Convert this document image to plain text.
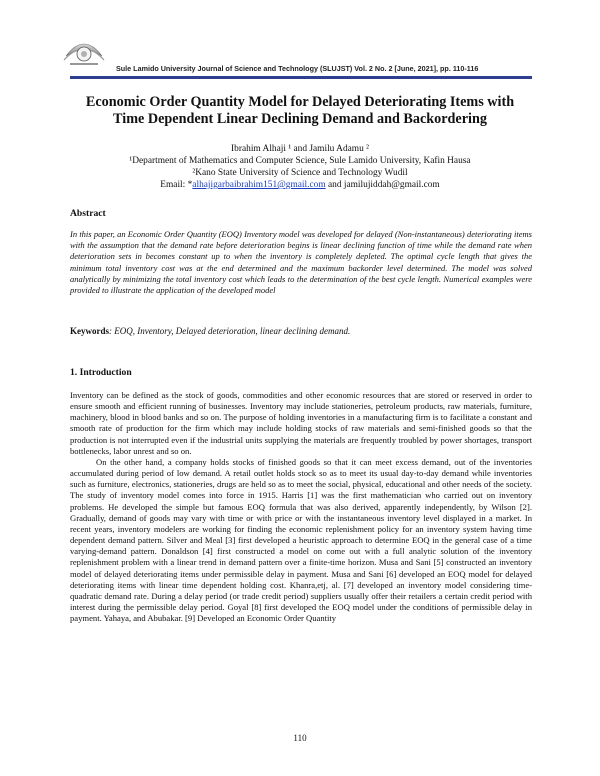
Sule Lamido University Journal of Science and Technology (SLUJST) Vol. 2 No. 2 [June, 2021], pp. 110-116
Economic Order Quantity Model for Delayed Deteriorating Items with
Time Dependent Linear Declining Demand and Backordering
Ibrahim Alhaji ¹ and Jamilu Adamu ²
¹Department of Mathematics and Computer Science, Sule Lamido University, Kafin Hausa
²Kano State University of Science and Technology Wudil
Email: *alhajigarbaibrahim151@gmail.com and jamilujiddah@gmail.com
Abstract
In this paper, an Economic Order Quantity (EOQ) Inventory model was developed for delayed (Non-instantaneous) deteriorating items with the assumption that the demand rate before deterioration begins is linear declining function of time while the demand rate when deterioration sets in becomes constant up to when the inventory is completely depleted. The optimal cycle length that gives the minimum total inventory cost was at the end determined and the maximum backorder level determined. The model was solved analytically by minimizing the total inventory cost which leads to the determination of the best cycle length. Numerical examples were provided to illustrate the application of the developed model
Keywords: EOQ, Inventory, Delayed deterioration, linear declining demand.
1. Introduction

Inventory can be defined as the stock of goods, commodities and other economic resources that are stored or reserved in order to ensure smooth and efficient running of businesses. Inventory may include stationeries, petroleum products, raw materials, furniture, machinery, blood in blood banks and so on. The purpose of holding inventories in a manufacturing firm is to facilitate a constant and smooth rate of production for the firm which may include holding stocks of raw materials and semi-finished goods so that the production is not interrupted even if the industrial units supplying the materials are frequently troubled by power shortages, transport bottlenecks, labor unrest and so on.

On the other hand, a company holds stocks of finished goods so that it can meet excess demand, out of the inventories accumulated during period of low demand. A retail outlet holds stock so as to meet its usual day-to-day demand while inventories such as furniture, electronics, stationeries, drugs are held so as to meet the social, physical, educational and other needs of the society. The study of inventory model comes into force in 1915. Harris [1] was the first mathematician who carried out on inventory problems. He developed the simple but famous EOQ formula that was also derived, apparently independently, by Wilson [2]. Gradually, demand of goods may vary with time or with price or with the instantaneous inventory level displayed in a market. In recent years, inventory modelers are working for finding the economic replenishment policy for an inventory system having time dependent demand pattern. Silver and Meal [3] first developed a heuristic approach to determine EOQ in the general case of a time varying-demand pattern. Donaldson [4] first constructed a model on come out with a full analytic solution of the inventory replenishment problem with a linear trend in demand pattern over a finite-time horizon. Musa and Sani [5] constructed an inventory model of delayed deteriorating items under permissible delay in payment. Musa and Sani [6] developed an EOQ model for delayed deteriorating items with linear time dependent holding cost. Khanra,etj, al. [7] developed an inventory model considering time-quadratic demand rate. During a delay period (or trade credit period) suppliers usually offer their retailers a certain credit period with interest during the permissible delay period. Goyal [8] first developed the EOQ model under the conditions of permissible delay in payment. Yahaya, and Abubakar. [9] Developed an Economic Order Quantity

110
